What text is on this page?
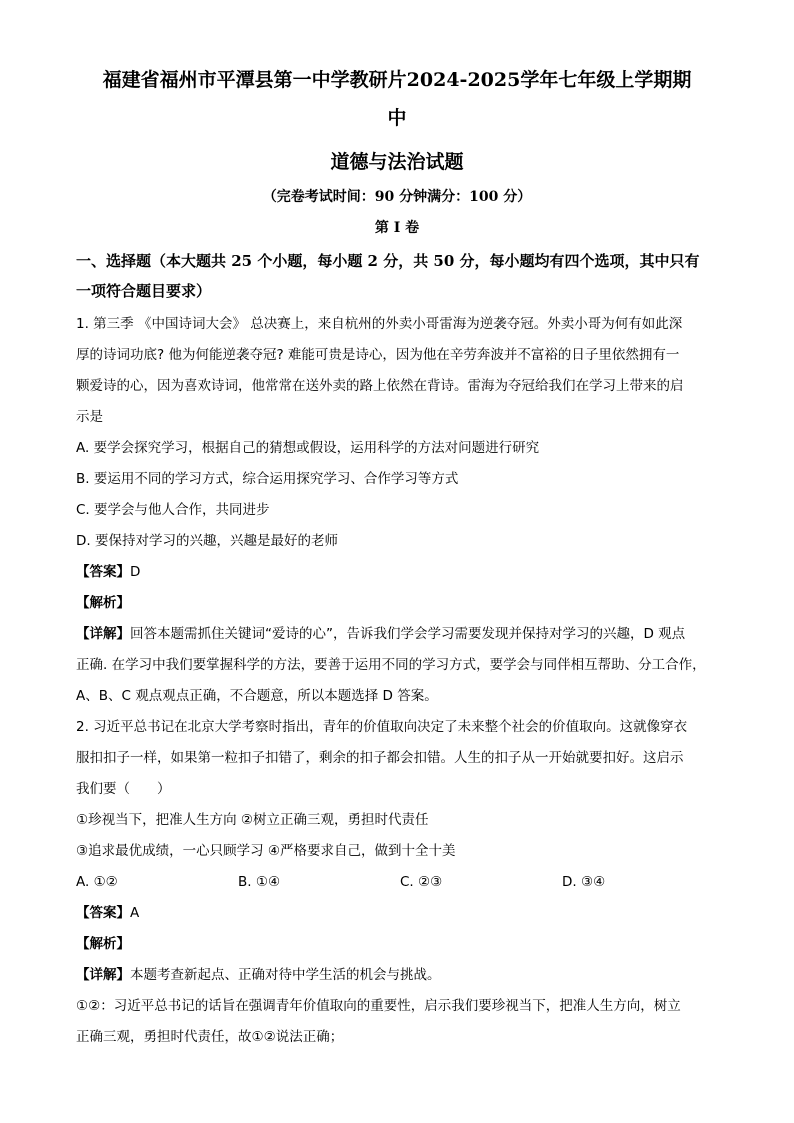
福建省福州市平潭县第一中学教研片2024-2025学年七年级上学期期
中
道德与法治试题
（完卷考试时间：90 分钟满分：100 分）
第 I 卷
一、选择题（本大题共 25 个小题，每小题 2 分，共 50 分，每小题均有四个选项，其中只有
一项符合题目要求）
1. 第三季 《中国诗词大会》 总决赛上，来自杭州的外卖小哥雷海为逆袭夺冠。外卖小哥为何有如此深
厚的诗词功底? 他为何能逆袭夺冠? 难能可贵是诗心，因为他在辛劳奔波并不富裕的日子里依然拥有一
颗爱诗的心，因为喜欢诗词，他常常在送外卖的路上依然在背诗。雷海为夺冠给我们在学习上带来的启
示是
A. 要学会探究学习，根据自己的猜想或假设，运用科学的方法对问题进行研究
B. 要运用不同的学习方式，综合运用探究学习、合作学习等方式
C. 要学会与他人合作，共同进步
D. 要保持对学习的兴趣，兴趣是最好的老师
【答案】D
【解析】
【详解】回答本题需抓住关键词“爱诗的心”，告诉我们学会学习需要发现并保持对学习的兴趣，D 观点
正确. 在学习中我们要掌握科学的方法，要善于运用不同的学习方式，要学会与同伴相互帮助、分工合作，
A、B、C 观点观点正确，不合题意，所以本题选择 D 答案。
2. 习近平总书记在北京大学考察时指出，青年的价值取向决定了未来整个社会的价值取向。这就像穿衣
服扣扣子一样，如果第一粒扣子扣错了，剩余的扣子都会扣错。人生的扣子从一开始就要扣好。这启示
我们要（　　）
①珍视当下，把准人生方向 ②树立正确三观，勇担时代责任
③追求最优成绩，一心只顾学习 ④严格要求自己，做到十全十美
A. ①②	B. ①④	C. ②③	D. ③④
【答案】A
【解析】
【详解】本题考查新起点、正确对待中学生活的机会与挑战。
①②：习近平总书记的话旨在强调青年价值取向的重要性，启示我们要珍视当下，把准人生方向，树立
正确三观，勇担时代责任，故①②说法正确；
